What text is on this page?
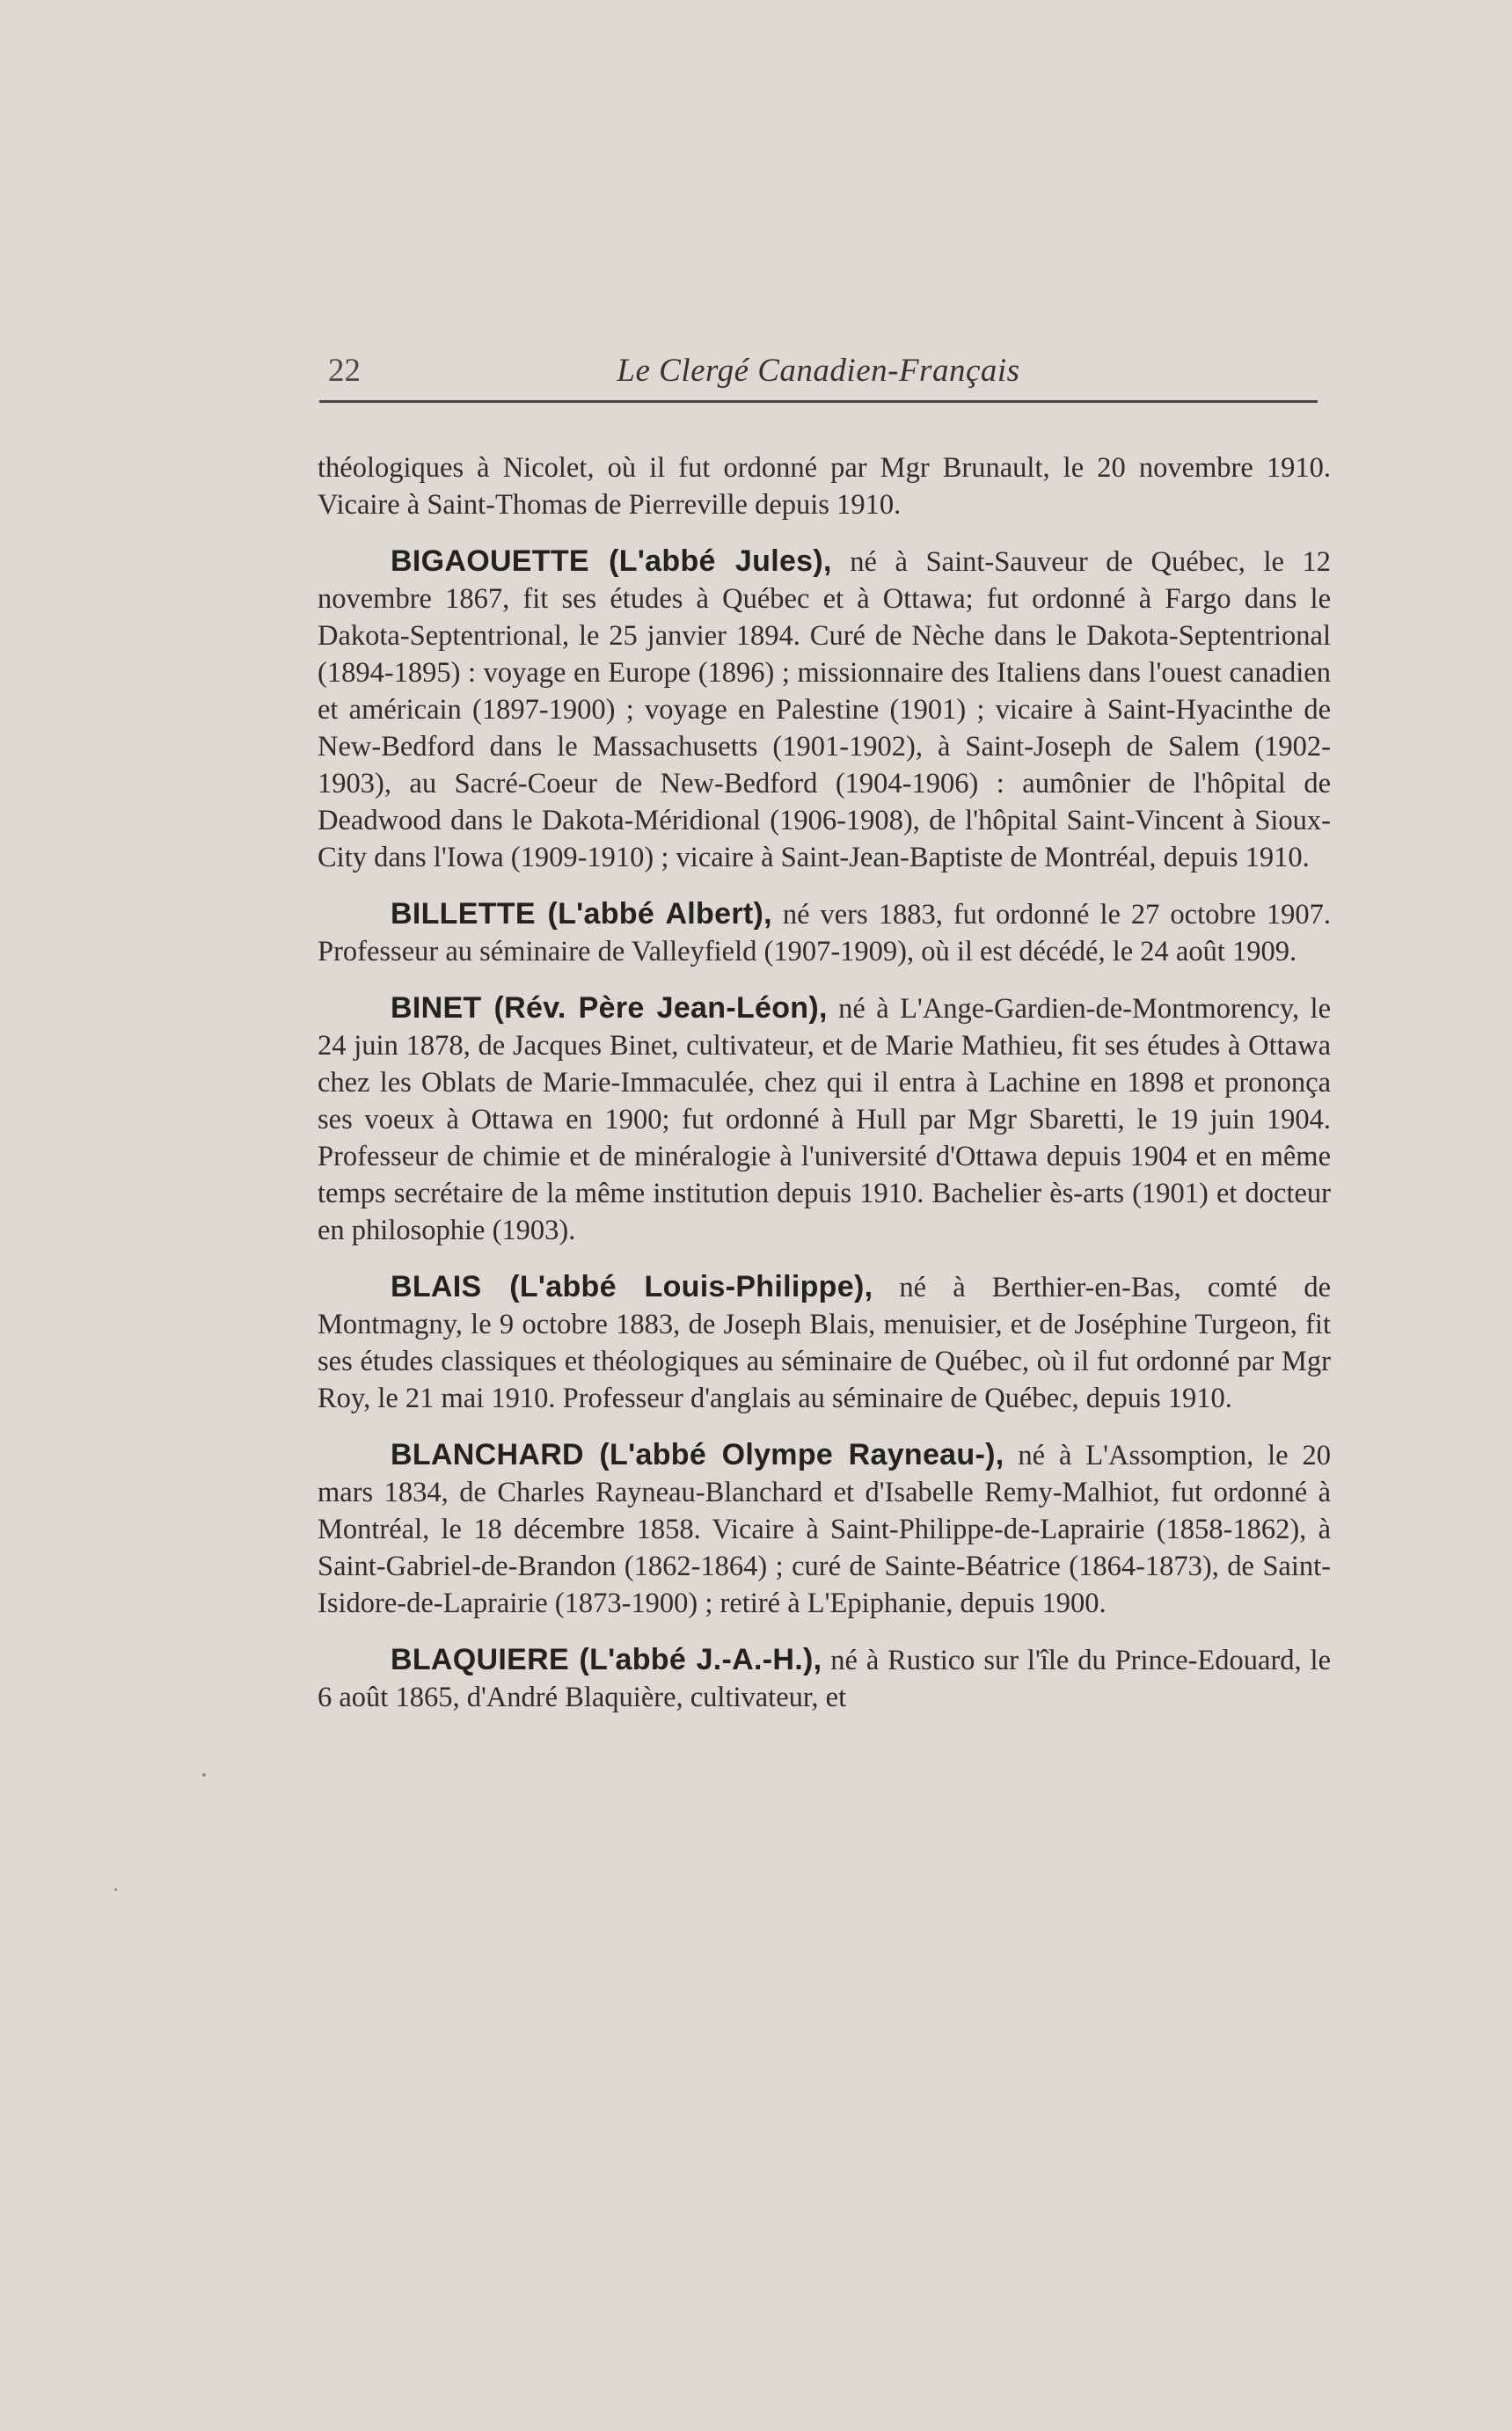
22	Le Clergé Canadien-Français

théologiques à Nicolet, où il fut ordonné par Mgr Brunault, le 20 novembre 1910. Vicaire à Saint-Thomas de Pierreville depuis 1910.

BIGAOUETTE (L'abbé Jules), né à Saint-Sauveur de Québec, le 12 novembre 1867, fit ses études à Québec et à Ottawa; fut ordonné à Fargo dans le Dakota-Septentrional, le 25 janvier 1894. Curé de Nèche dans le Dakota-Septentrional (1894-1895) : voyage en Europe (1896) ; missionnaire des Italiens dans l'ouest canadien et américain (1897-1900) ; voyage en Palestine (1901) ; vicaire à Saint-Hyacinthe de New-Bedford dans le Massachusetts (1901-1902), à Saint-Joseph de Salem (1902-1903), au Sacré-Coeur de New-Bedford (1904-1906) : aumônier de l'hôpital de Deadwood dans le Dakota-Méridional (1906-1908), de l'hôpital Saint-Vincent à Sioux-City dans l'Iowa (1909-1910) ; vicaire à Saint-Jean-Baptiste de Montréal, depuis 1910.

BILLETTE (L'abbé Albert), né vers 1883, fut ordonné le 27 octobre 1907. Professeur au séminaire de Valleyfield (1907-1909), où il est décédé, le 24 août 1909.

BINET (Rév. Père Jean-Léon), né à L'Ange-Gardien-de-Montmorency, le 24 juin 1878, de Jacques Binet, cultivateur, et de Marie Mathieu, fit ses études à Ottawa chez les Oblats de Marie-Immaculée, chez qui il entra à Lachine en 1898 et prononça ses voeux à Ottawa en 1900; fut ordonné à Hull par Mgr Sbaretti, le 19 juin 1904. Professeur de chimie et de minéralogie à l'université d'Ottawa depuis 1904 et en même temps secrétaire de la même institution depuis 1910. Bachelier ès-arts (1901) et docteur en philosophie (1903).

BLAIS (L'abbé Louis-Philippe), né à Berthier-en-Bas, comté de Montmagny, le 9 octobre 1883, de Joseph Blais, menuisier, et de Joséphine Turgeon, fit ses études classiques et théologiques au séminaire de Québec, où il fut ordonné par Mgr Roy, le 21 mai 1910. Professeur d'anglais au séminaire de Québec, depuis 1910.

BLANCHARD (L'abbé Olympe Rayneau-), né à L'Assomption, le 20 mars 1834, de Charles Rayneau-Blanchard et d'Isabelle Remy-Malhiot, fut ordonné à Montréal, le 18 décembre 1858. Vicaire à Saint-Philippe-de-Laprairie (1858-1862), à Saint-Gabriel-de-Brandon (1862-1864) ; curé de Sainte-Béatrice (1864-1873), de Saint-Isidore-de-Laprairie (1873-1900) ; retiré à L'Epiphanie, depuis 1900.

BLAQUIERE (L'abbé J.-A.-H.), né à Rustico sur l'île du Prince-Edouard, le 6 août 1865, d'André Blaquière, cultivateur, et
